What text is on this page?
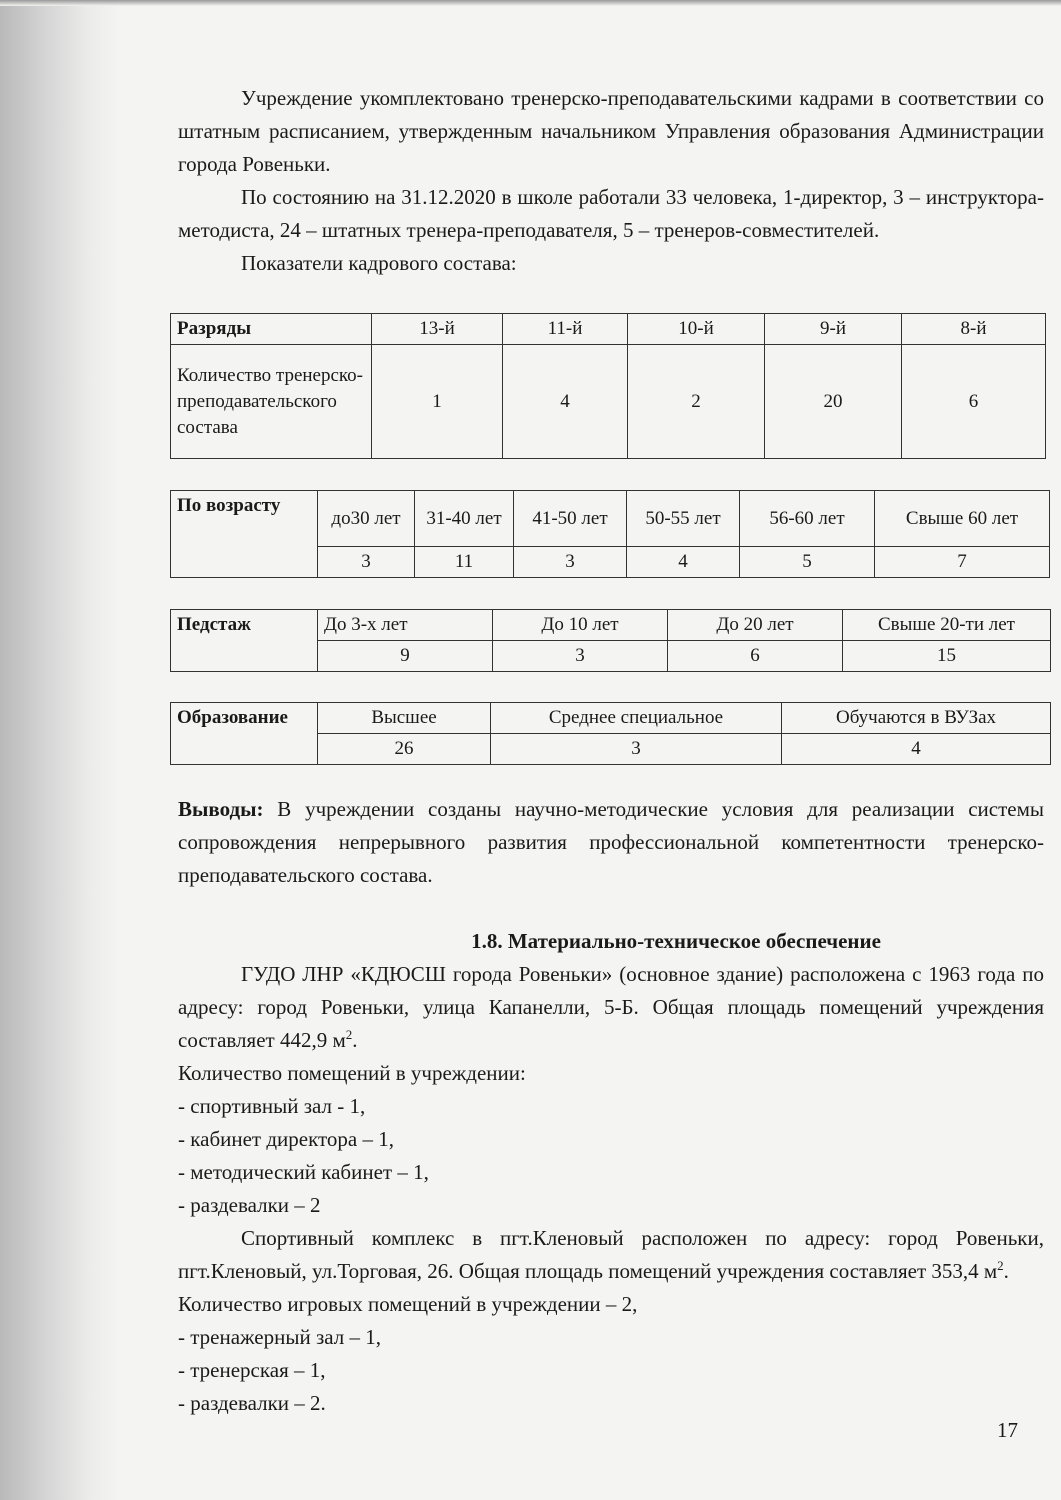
Учреждение укомплектовано тренерско-преподавательскими кадрами в соответствии со штатным расписанием, утвержденным начальником Управления образования Администрации города Ровеньки.

По состоянию на 31.12.2020 в школе работали 33 человека, 1-директор, 3 – инструктора-методиста, 24 – штатных тренера-преподавателя, 5 – тренеров-совместителей.

Показатели кадрового состава:

Разряды	13-й	11-й	10-й	9-й	8-й
Количество тренерско-преподавательского состава	1	4	2	20	6
По возрасту	до30 лет	31-40 лет	41-50 лет	50-55 лет	56-60 лет	Свыше 60 лет
	3	11	3	4	5	7
Педстаж	До 3-х лет	До 10 лет	До 20 лет	Свыше 20-ти лет
	9	3	6	15
Образование	Высшее	Среднее специальное	Обучаются в ВУЗах
	26	3	4

Выводы: В учреждении созданы научно-методические условия для реализации системы сопровождения непрерывного развития профессиональной компетентности тренерско-преподавательского состава.

1.8. Материально-техническое обеспечение

ГУДО ЛНР «КДЮСШ города Ровеньки» (основное здание) расположена с 1963 года по адресу: город Ровеньки, улица Капанелли, 5-Б. Общая площадь помещений учреждения составляет 442,9 $м^2$.

Количество помещений в учреждении:

- спортивный зал - 1,

- кабинет директора – 1,

- методический кабинет – 1,

- раздевалки – 2

Спортивный комплекс в пгт.Кленовый расположен по адресу: город Ровеньки, пгт.Кленовый, ул.Торговая, 26. Общая площадь помещений учреждения составляет 353,4 $м^2$.

Количество игровых помещений в учреждении – 2,

- тренажерный зал – 1,

- тренерская – 1,

- раздевалки – 2.

17
